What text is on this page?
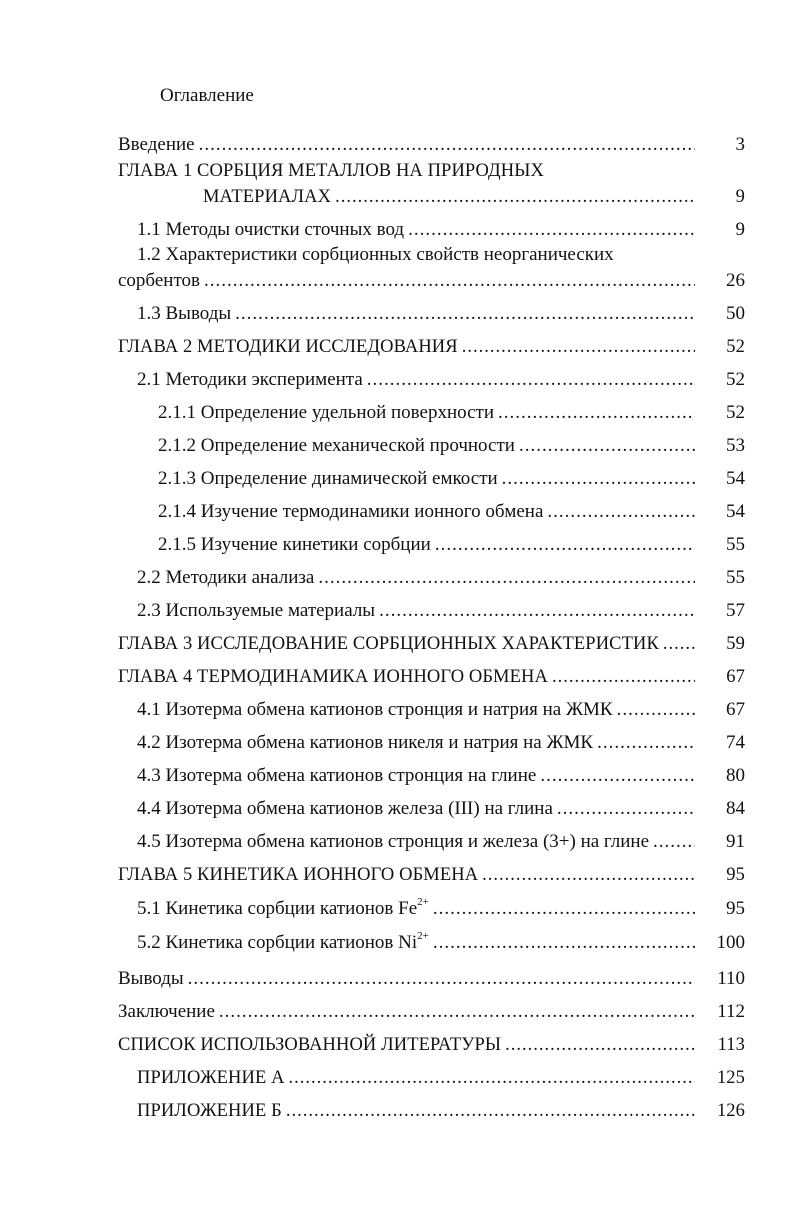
Оглавление
Введение .....	3
ГЛАВА 1 СОРБЦИЯ МЕТАЛЛОВ НА ПРИРОДНЫХ
МАТЕРИАЛАХ .....	9
1.1 Методы очистки сточных вод .....	9
1.2 Характеристики сорбционных свойств неорганических
сорбентов .....	26
1.3 Выводы .....	50
ГЛАВА 2 МЕТОДИКИ ИССЛЕДОВАНИЯ .....	52
2.1 Методики эксперимента .....	52
2.1.1 Определение удельной поверхности .....	52
2.1.2 Определение механической прочности .....	53
2.1.3 Определение динамической емкости .....	54
2.1.4 Изучение термодинамики ионного обмена .....	54
2.1.5 Изучение кинетики сорбции .....	55
2.2 Методики анализа .....	55
2.3 Используемые материалы .....	57
ГЛАВА 3 ИССЛЕДОВАНИЕ СОРБЦИОННЫХ ХАРАКТЕРИСТИК .....	59
ГЛАВА 4 ТЕРМОДИНАМИКА ИОННОГО ОБМЕНА .....	67
4.1 Изотерма обмена катионов стронция и натрия на ЖМК .....	67
4.2 Изотерма обмена катионов никеля и натрия на ЖМК .....	74
4.3 Изотерма обмена катионов стронция на глине .....	80
4.4 Изотерма обмена катионов железа (III) на глина .....	84
4.5 Изотерма обмена катионов стронция и железа (3+) на глине .....	91
ГЛАВА 5 КИНЕТИКА ИОННОГО ОБМЕНА .....	95
5.1 Кинетика сорбции катионов $Fe^{2+}$ .....	95
5.2 Кинетика сорбции катионов $Ni^{2+}$ .....	100
Выводы .....	110
Заключение .....	112
СПИСОК ИСПОЛЬЗОВАННОЙ ЛИТЕРАТУРЫ .....	113
ПРИЛОЖЕНИЕ А .....	125
ПРИЛОЖЕНИЕ Б .....	126
